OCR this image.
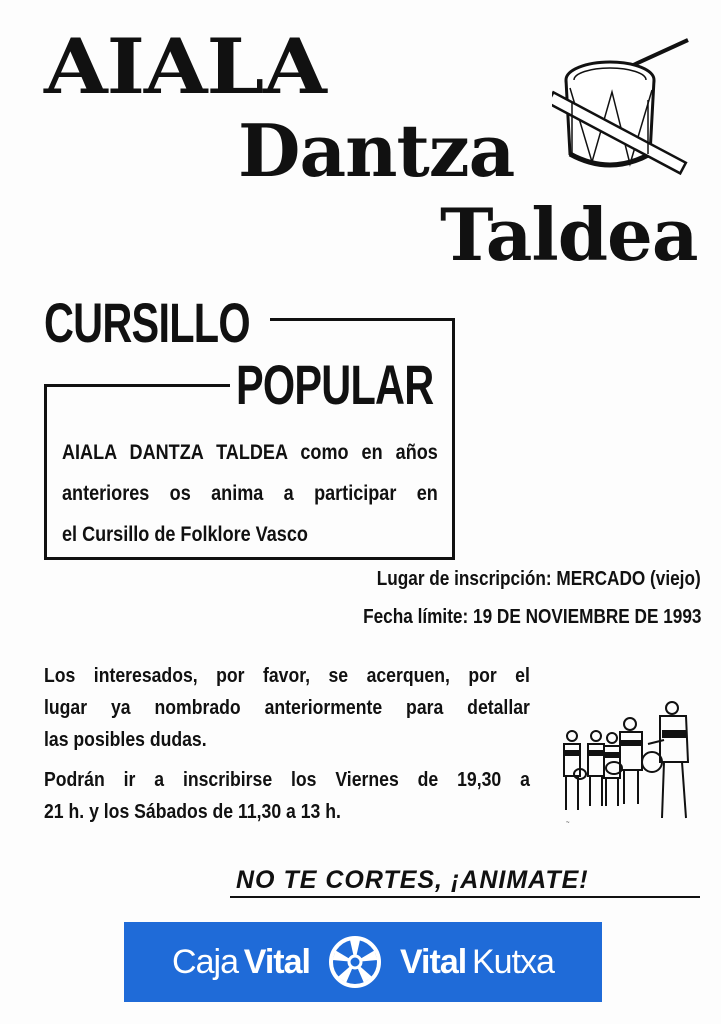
AIALA
Dantza
Taldea
CURSILLO
POPULAR
AIALA DANTZA TALDEA como en años
anteriores os anima a participar en
el Cursillo de Folklore Vasco
Lugar de inscripción: MERCADO (viejo)
Fecha límite: 19 DE NOVIEMBRE DE 1993
Los interesados, por favor, se acerquen, por el
lugar ya nombrado anteriormente para detallar
las posibles dudas.
Podrán ir a inscribirse los Viernes de 19,30 a
21 h. y los Sábados de 11,30 a 13 h.	~
NO TE CORTES, ¡ANIMATE!
Caja  Vital	Vital  Kutxa
